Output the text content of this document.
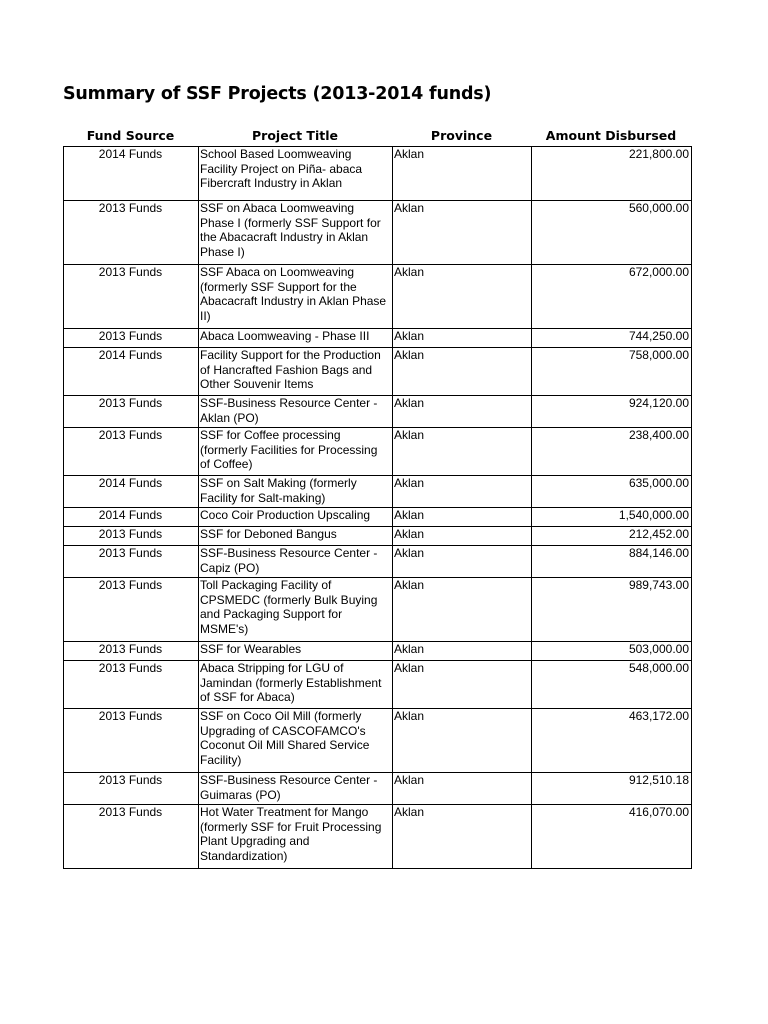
Summary of SSF Projects (2013-2014 funds)
Fund Source	Project Title	Province	Amount Disbursed
2014 Funds	School Based Loomweaving Facility Project on Piña- abaca Fibercraft Industry in Aklan	Aklan	221,800.00
2013 Funds	SSF on Abaca Loomweaving Phase I (formerly SSF Support for the Abacacraft Industry in Aklan Phase I)	Aklan	560,000.00
2013 Funds	SSF Abaca on Loomweaving (formerly SSF Support for the Abacacraft Industry in Aklan Phase II)	Aklan	672,000.00
2013 Funds	Abaca Loomweaving - Phase III	Aklan	744,250.00
2014 Funds	Facility Support for the Production of Hancrafted Fashion Bags and Other Souvenir Items	Aklan	758,000.00
2013 Funds	SSF-Business Resource Center - Aklan (PO)	Aklan	924,120.00
2013 Funds	SSF for Coffee processing (formerly Facilities for Processing of Coffee)	Aklan	238,400.00
2014 Funds	SSF on Salt Making (formerly Facility for Salt-making)	Aklan	635,000.00
2014 Funds	Coco Coir Production Upscaling	Aklan	1,540,000.00
2013 Funds	SSF for Deboned Bangus	Aklan	212,452.00
2013 Funds	SSF-Business Resource Center - Capiz (PO)	Aklan	884,146.00
2013 Funds	Toll Packaging Facility of CPSMEDC (formerly Bulk Buying and Packaging Support for MSME's)	Aklan	989,743.00
2013 Funds	SSF for Wearables	Aklan	503,000.00
2013 Funds	Abaca Stripping for LGU of Jamindan (formerly Establishment of SSF for Abaca)	Aklan	548,000.00
2013 Funds	SSF on Coco Oil Mill (formerly Upgrading of CASCOFAMCO's Coconut Oil Mill Shared Service Facility)	Aklan	463,172.00
2013 Funds	SSF-Business Resource Center - Guimaras (PO)	Aklan	912,510.18
2013 Funds	Hot Water Treatment for Mango (formerly SSF for Fruit Processing Plant Upgrading and Standardization)	Aklan	416,070.00
